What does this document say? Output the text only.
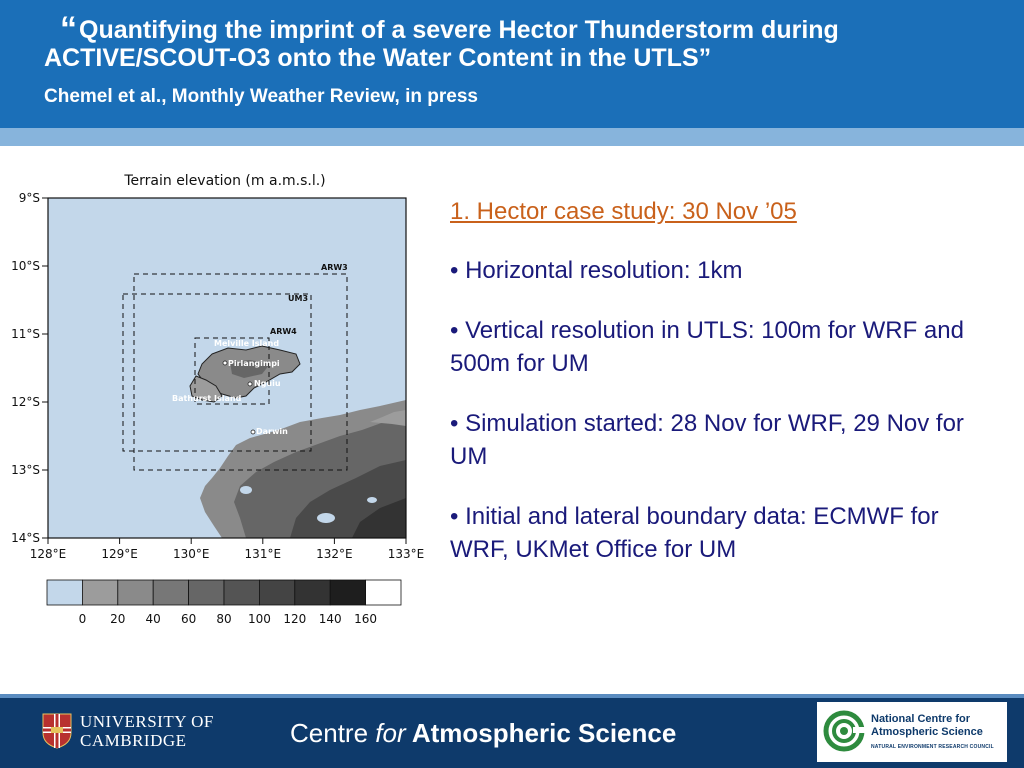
“Quantifying the imprint of a severe Hector Thunderstorm during
ACTIVE/SCOUT-O3 onto the Water Content in the UTLS”
Chemel et al., Monthly Weather Review, in press
Terrain elevation (m a.m.s.l.)
ARW3
UM3
ARW4
Melville Island
Pirlangimpi
Nguiu
Bathurst Island
Darwin
9°S
10°S
11°S
12°S
13°S
14°S
128°E	129°E	130°E	131°E	132°E	133°E
0 20 40 60 80 100 120 140 160
1. Hector case study: 30 Nov ’05
• Horizontal resolution: 1km
• Vertical resolution in UTLS: 100m for WRF and 500m for UM
• Simulation started: 28 Nov for WRF, 29 Nov for UM
• Initial and lateral boundary data: ECMWF for WRF, UKMet Office for UM
UNIVERSITY OF
CAMBRIDGE	Centre for Atmospheric Science	National Centre for
Atmospheric Science
NATURAL ENVIRONMENT RESEARCH COUNCIL
